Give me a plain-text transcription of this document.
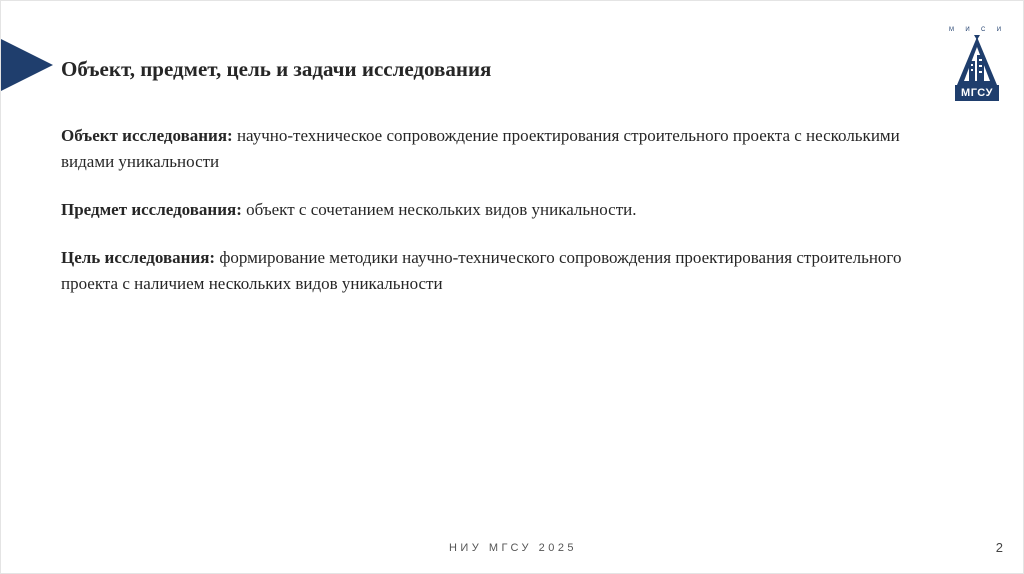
Объект, предмет, цель и задачи исследования
М И С И
МГСУ

Объект исследования: научно-техническое сопровождение проектирования строительного проекта с несколькими видами уникальности

Предмет исследования: объект с сочетанием нескольких видов уникальности.

Цель исследования: формирование методики научно-технического сопровождения проектирования строительного проекта с наличием нескольких видов уникальности

НИУ МГСУ 2025	2
